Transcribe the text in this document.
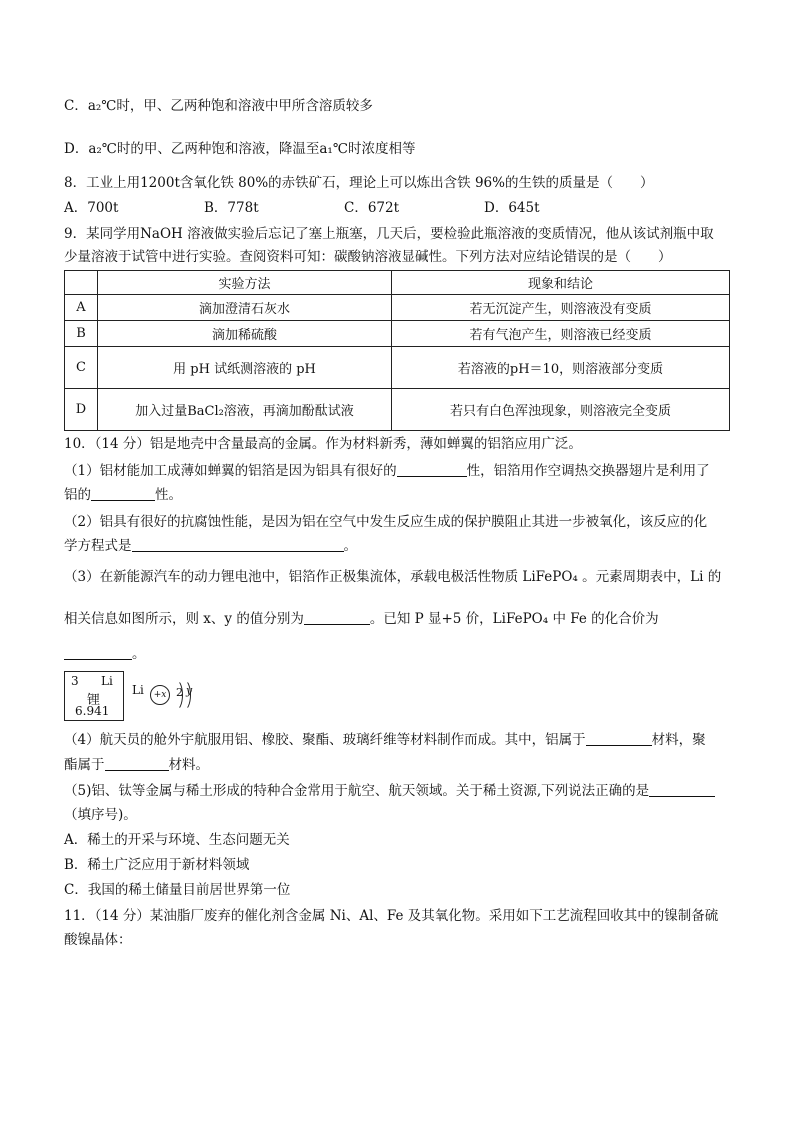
C．a₂℃时，甲、乙两种饱和溶液中甲所含溶质较多
D．a₂℃时的甲、乙两种饱和溶液，降温至a₁℃时浓度相等
8．工业上用1200t含氧化铁 80%的赤铁矿石，理论上可以炼出含铁 96%的生铁的质量是（　　）
A．700t	B．778t	C．672t	D．645t
9．某同学用NaOH 溶液做实验后忘记了塞上瓶塞，几天后，要检验此瓶溶液的变质情况，他从该试剂瓶中取
少量溶液于试管中进行实验。查阅资料可知：碳酸钠溶液显碱性。下列方法对应结论错误的是（　　）
	实验方法	现象和结论
A	滴加澄清石灰水	若无沉淀产生，则溶液没有变质
B	滴加稀硫酸	若有气泡产生，则溶液已经变质
C	用 pH 试纸测溶液的 pH	若溶液的pH＝10，则溶液部分变质
D	加入过量BaCl₂溶液，再滴加酚酞试液	若只有白色浑浊现象，则溶液完全变质
10．（14 分）铝是地壳中含量最高的金属。作为材料新秀，薄如蝉翼的铝箔应用广泛。
（1）铝材能加工成薄如蝉翼的铝箔是因为铝具有很好的	性，铝箔用作空调热交换器翅片是利用了
铝的	性。
（2）铝具有很好的抗腐蚀性能，是因为铝在空气中发生反应生成的保护膜阻止其进一步被氧化，该反应的化
学方程式是	。
（3）在新能源汽车的动力锂电池中，铝箔作正极集流体，承载电极活性物质 LiFePO₄ 。元素周期表中，Li 的
相关信息如图所示，则 x、y 的值分别为	。已知 P 显+5 价，LiFePO₄ 中 Fe 的化合价为
。
3 Li
锂
6.941
Li	+x 2 y
（4）航天员的舱外宇航服用铝、橡胶、聚酯、玻璃纤维等材料制作而成。其中，铝属于	材料，聚
酯属于	材料。
（5)铝、钛等金属与稀土形成的特种合金常用于航空、航天领域。关于稀土资源,下列说法正确的是
（填序号)。
A．稀土的开采与环境、生态问题无关
B．稀土广泛应用于新材料领域
C．我国的稀土储量目前居世界第一位
11．（14 分）某油脂厂废弃的催化剂含金属 Ni、Al、Fe 及其氧化物。采用如下工艺流程回收其中的镍制备硫
酸镍晶体：
